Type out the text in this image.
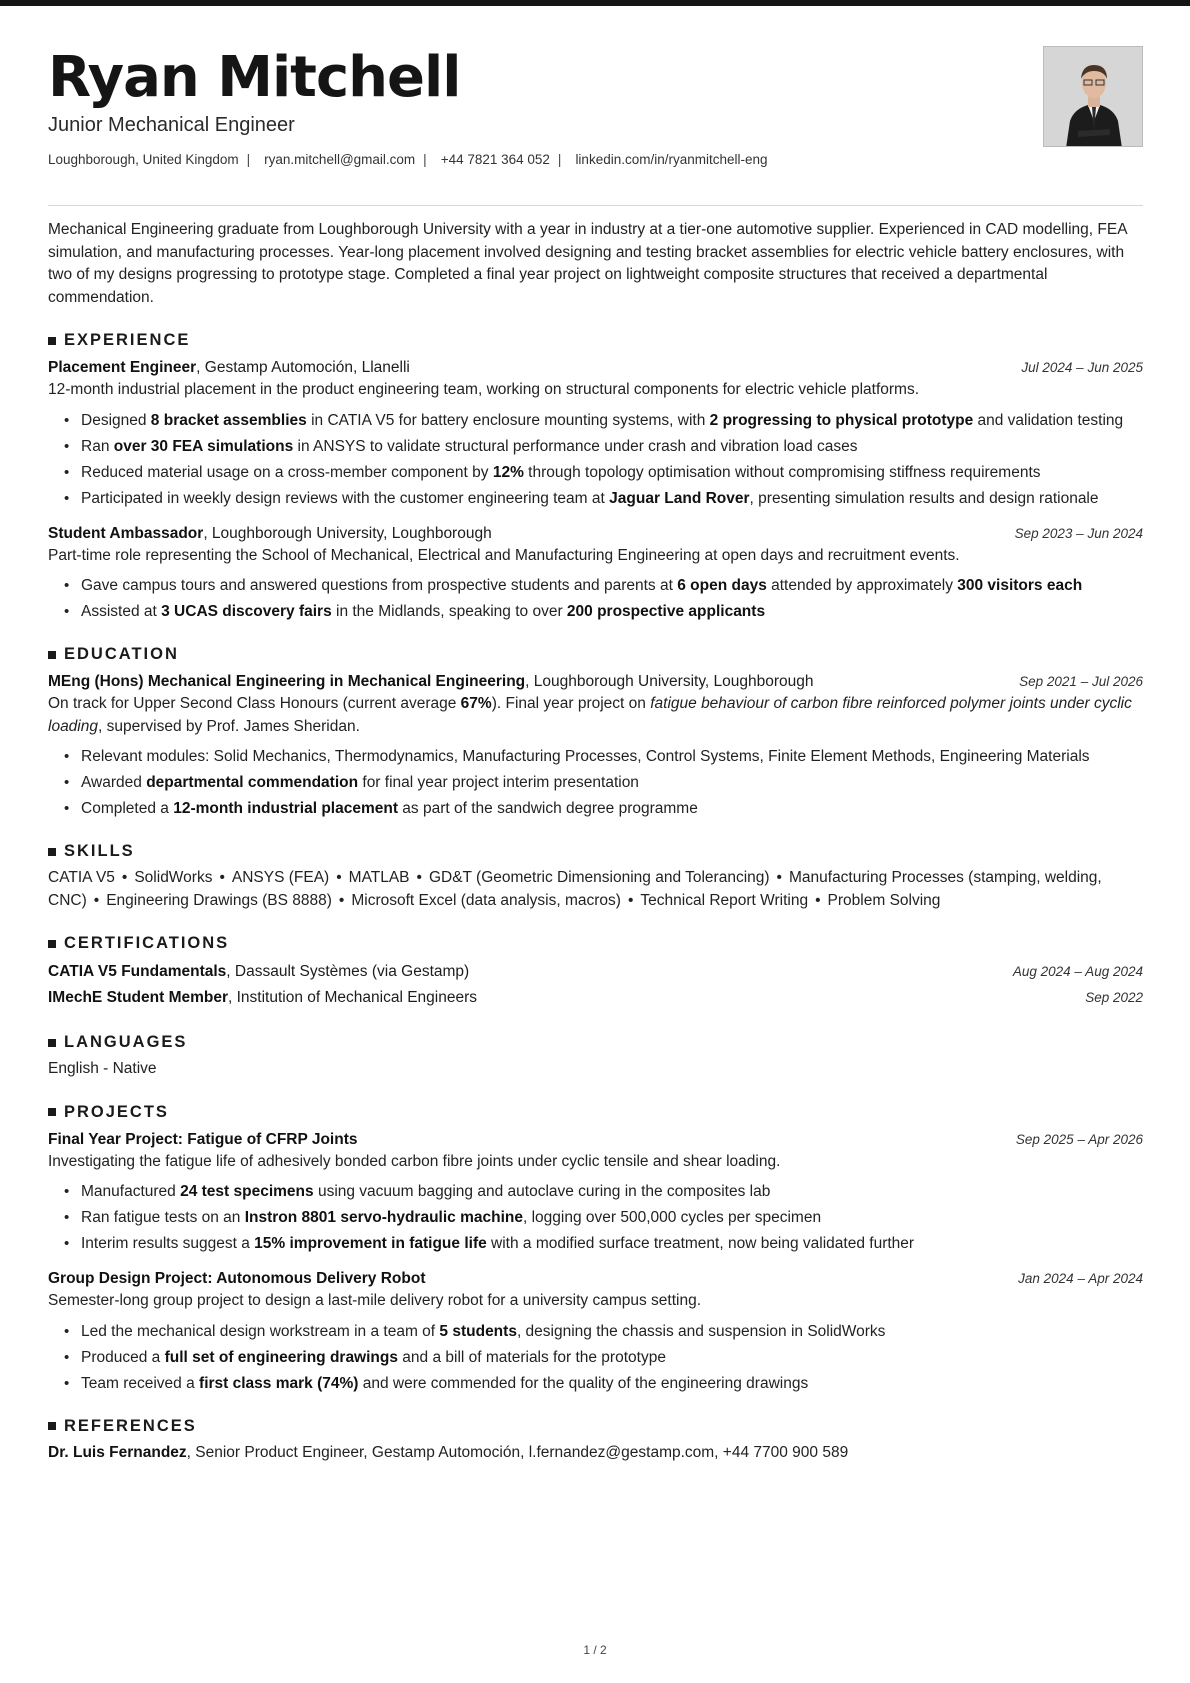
Ryan Mitchell
Junior Mechanical Engineer
Loughborough, United Kingdom | ryan.mitchell@gmail.com | +44 7821 364 052 | linkedin.com/in/ryanmitchell-eng
Mechanical Engineering graduate from Loughborough University with a year in industry at a tier-one automotive supplier. Experienced in CAD modelling, FEA simulation, and manufacturing processes. Year-long placement involved designing and testing bracket assemblies for electric vehicle battery enclosures, with two of my designs progressing to prototype stage. Completed a final year project on lightweight composite structures that received a departmental commendation.
EXPERIENCE
Placement Engineer, Gestamp Automoción, Llanelli	Jul 2024 – Jun 2025
12-month industrial placement in the product engineering team, working on structural components for electric vehicle platforms.
• Designed 8 bracket assemblies in CATIA V5 for battery enclosure mounting systems, with 2 progressing to physical prototype and validation testing
• Ran over 30 FEA simulations in ANSYS to validate structural performance under crash and vibration load cases
• Reduced material usage on a cross-member component by 12% through topology optimisation without compromising stiffness requirements
• Participated in weekly design reviews with the customer engineering team at Jaguar Land Rover, presenting simulation results and design rationale
Student Ambassador, Loughborough University, Loughborough	Sep 2023 – Jun 2024
Part-time role representing the School of Mechanical, Electrical and Manufacturing Engineering at open days and recruitment events.
• Gave campus tours and answered questions from prospective students and parents at 6 open days attended by approximately 300 visitors each
• Assisted at 3 UCAS discovery fairs in the Midlands, speaking to over 200 prospective applicants
EDUCATION
MEng (Hons) Mechanical Engineering in Mechanical Engineering, Loughborough University, Loughborough	Sep 2021 – Jul 2026
On track for Upper Second Class Honours (current average 67%). Final year project on fatigue behaviour of carbon fibre reinforced polymer joints under cyclic loading, supervised by Prof. James Sheridan.
• Relevant modules: Solid Mechanics, Thermodynamics, Manufacturing Processes, Control Systems, Finite Element Methods, Engineering Materials
• Awarded departmental commendation for final year project interim presentation
• Completed a 12-month industrial placement as part of the sandwich degree programme
SKILLS
CATIA V5 • SolidWorks • ANSYS (FEA) • MATLAB • GD&T (Geometric Dimensioning and Tolerancing) • Manufacturing Processes (stamping, welding, CNC) • Engineering Drawings (BS 8888) • Microsoft Excel (data analysis, macros) • Technical Report Writing • Problem Solving
CERTIFICATIONS
CATIA V5 Fundamentals, Dassault Systèmes (via Gestamp)	Aug 2024 – Aug 2024
IMechE Student Member, Institution of Mechanical Engineers	Sep 2022
LANGUAGES
English - Native
PROJECTS
Final Year Project: Fatigue of CFRP Joints	Sep 2025 – Apr 2026
Investigating the fatigue life of adhesively bonded carbon fibre joints under cyclic tensile and shear loading.
• Manufactured 24 test specimens using vacuum bagging and autoclave curing in the composites lab
• Ran fatigue tests on an Instron 8801 servo-hydraulic machine, logging over 500,000 cycles per specimen
• Interim results suggest a 15% improvement in fatigue life with a modified surface treatment, now being validated further
Group Design Project: Autonomous Delivery Robot	Jan 2024 – Apr 2024
Semester-long group project to design a last-mile delivery robot for a university campus setting.
• Led the mechanical design workstream in a team of 5 students, designing the chassis and suspension in SolidWorks
• Produced a full set of engineering drawings and a bill of materials for the prototype
• Team received a first class mark (74%) and were commended for the quality of the engineering drawings
REFERENCES
Dr. Luis Fernandez, Senior Product Engineer, Gestamp Automoción, l.fernandez@gestamp.com, +44 7700 900 589
1 / 2
